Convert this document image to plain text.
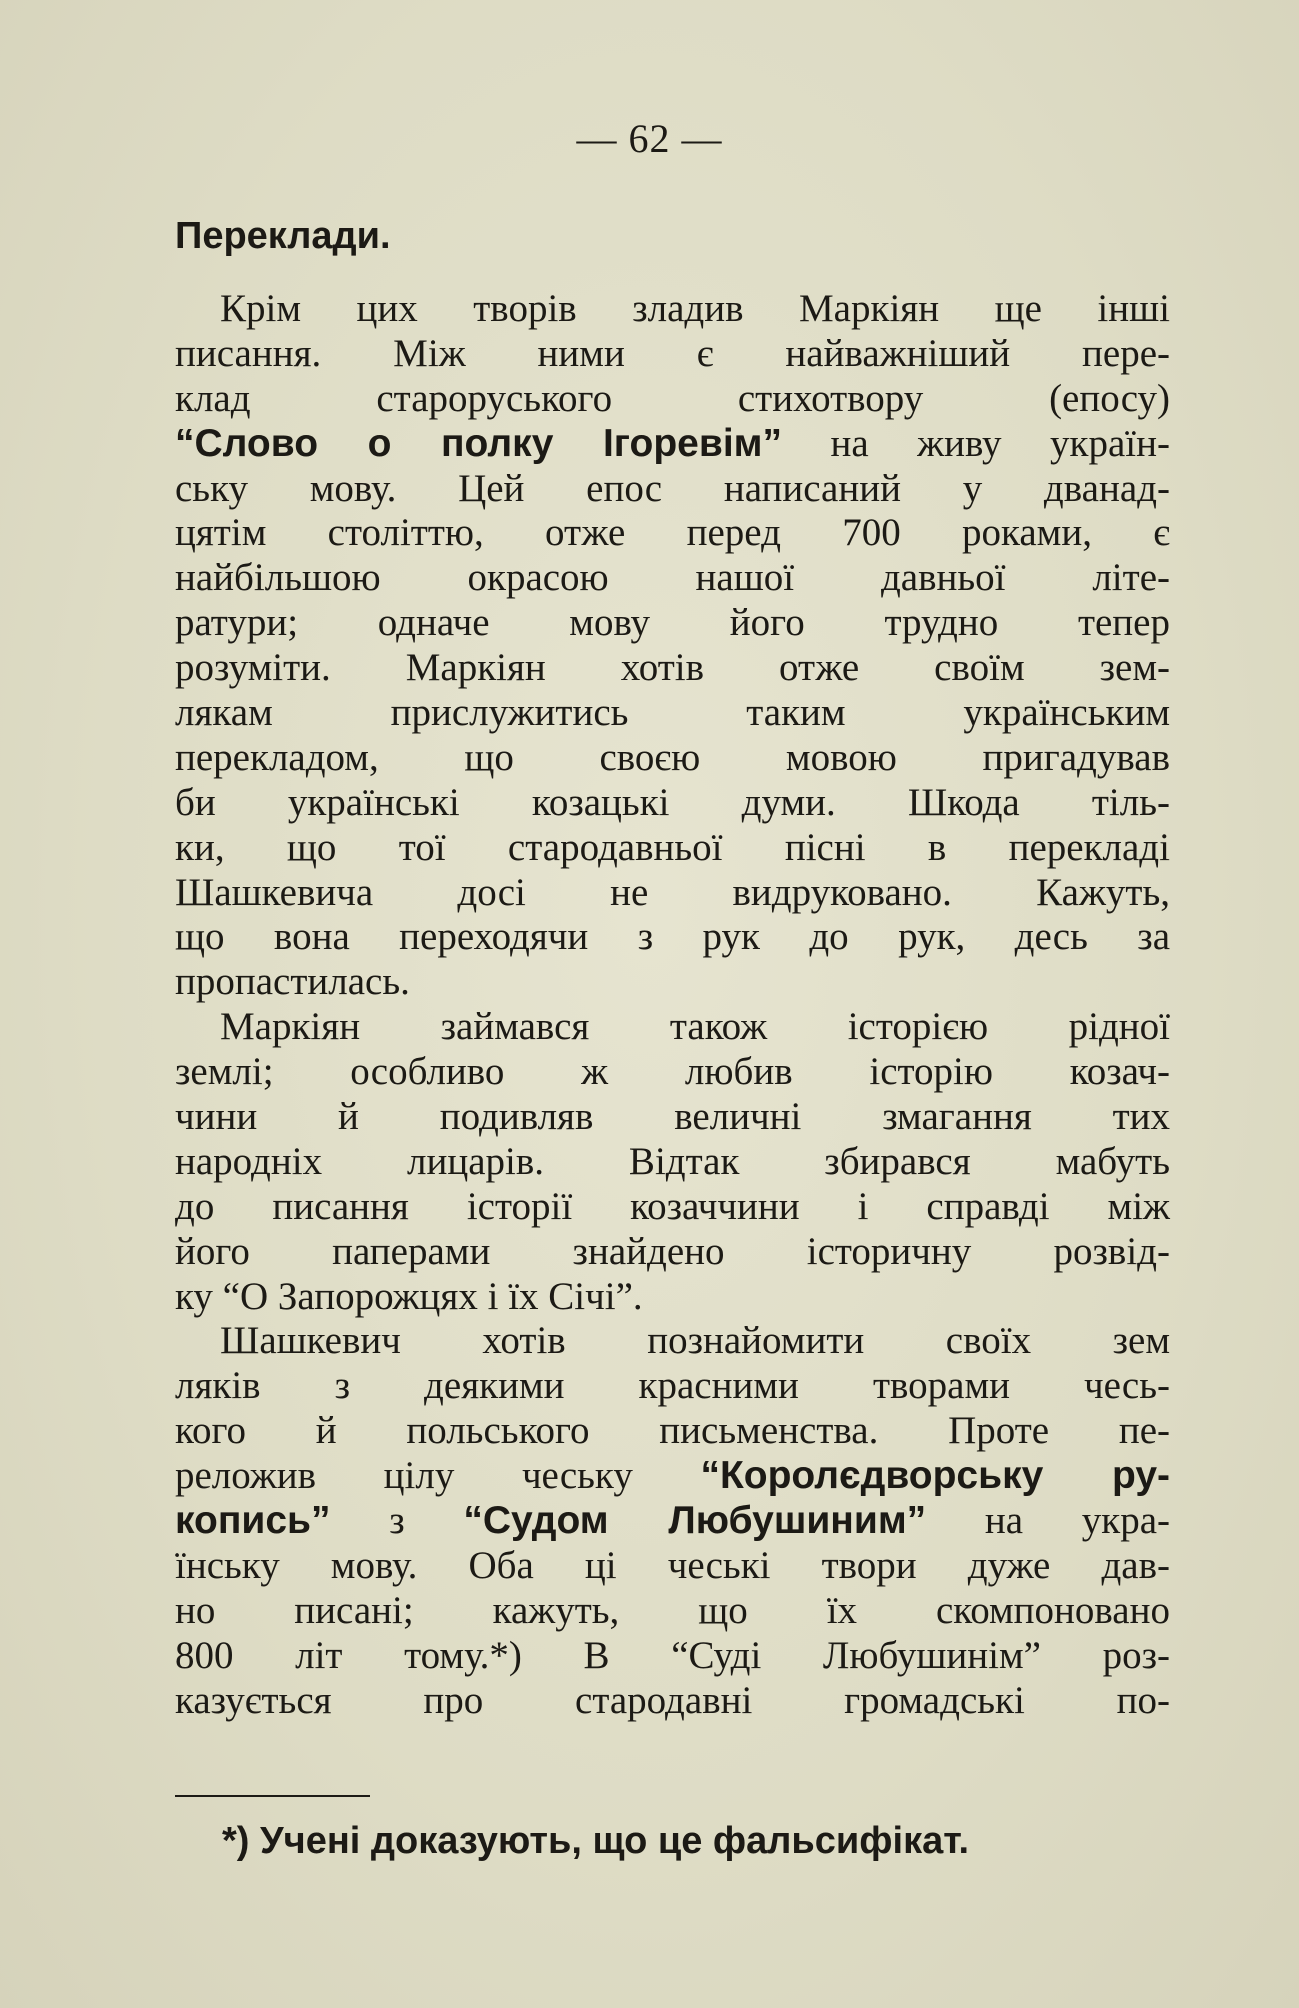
— 62 —
Переклади.
Крім цих творів зладив Маркіян ще інші
писання. Між ними є найважніший пере-
клад староруського стихотвору (епосу)
“Слово о полку Ігоревім” на живу украïн-
ську мову. Цей епос написаний у дванад-
цятім століттю, отже перед 700 роками, є
найбільшою окрасою нашої давньої літе-
ратури; одначе мову його трудно тепер
розуміти. Маркіян хотів отже своїм зем-
лякам прислужитись таким українським
перекладом, що своєю мовою пригадував
би українські козацькі думи. Шкода тіль-
ки, що тої стародавньої пісні в перекладі
Шашкевича досі не видруковано. Кажуть,
що вона переходячи з рук до рук, десь за
пропастилась.
Маркіян займався також історією рідної
землі; особливо ж любив історію козач-
чини й подивляв величні змагання тих
народніх лицарів. Відтак збирався мабуть
до писання історії козаччини і справді між
його паперами знайдено історичну розвід-
ку “О Запорожцях і їх Січі”.
Шашкевич хотів познайомити своїх зем
ляків з деякими красними творами чесь-
кого й польського письменства. Проте пе-
реложив цілу чеську “Королєдворську ру-
копись” з “Судом Любушиним” на укра-
їнську мову. Оба ці чеські твори дуже дав-
но писані; кажуть, що їх скомпоновано
800 літ тому.*) В “Суді Любушинім” роз-
казується про стародавні громадські по-
*) Учені доказують, що це фальсифікат.
